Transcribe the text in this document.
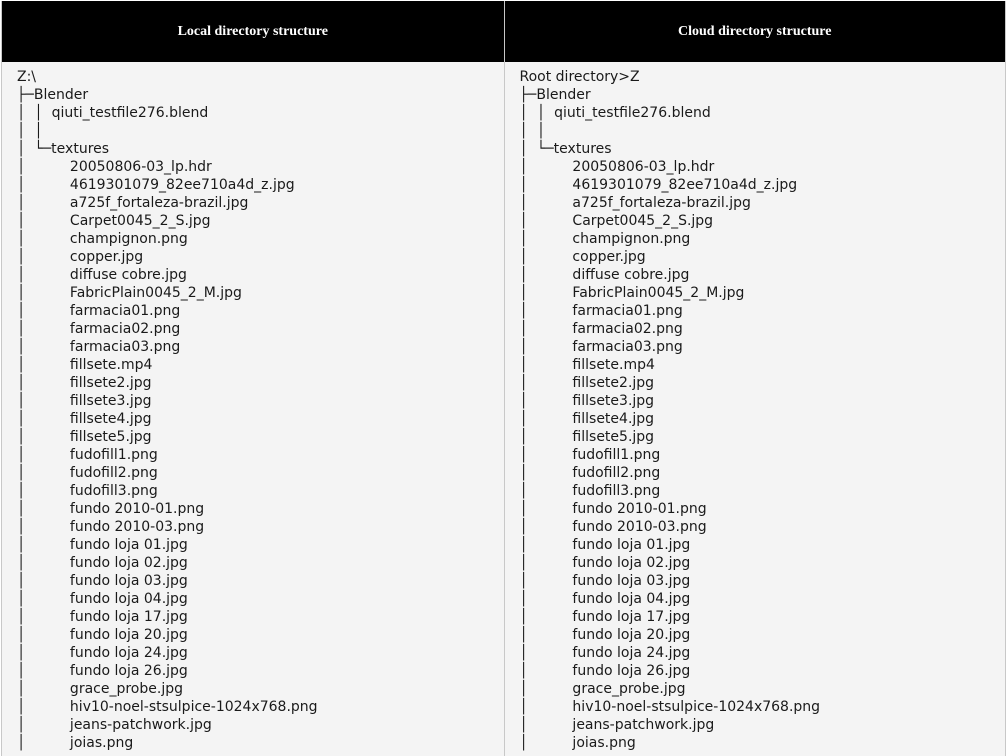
Local directory structure
Z:\
├─Blender
│  │  qiuti_testfile276.blend
│  │
│  └─textures
│          20050806-03_lp.hdr
│          4619301079_82ee710a4d_z.jpg
│          a725f_fortaleza-brazil.jpg
│          Carpet0045_2_S.jpg
│          champignon.png
│          copper.jpg
│          diffuse cobre.jpg
│          FabricPlain0045_2_M.jpg
│          farmacia01.png
│          farmacia02.png
│          farmacia03.png
│          fillsete.mp4
│          fillsete2.jpg
│          fillsete3.jpg
│          fillsete4.jpg
│          fillsete5.jpg
│          fudofill1.png
│          fudofill2.png
│          fudofill3.png
│          fundo 2010-01.png
│          fundo 2010-03.png
│          fundo loja 01.jpg
│          fundo loja 02.jpg
│          fundo loja 03.jpg
│          fundo loja 04.jpg
│          fundo loja 17.jpg
│          fundo loja 20.jpg
│          fundo loja 24.jpg
│          fundo loja 26.jpg
│          grace_probe.jpg
│          hiv10-noel-stsulpice-1024x768.png
│          jeans-patchwork.jpg
│          joias.png
Cloud directory structure
Root directory>Z
├─Blender
│  │  qiuti_testfile276.blend
│  │
│  └─textures
│          20050806-03_lp.hdr
│          4619301079_82ee710a4d_z.jpg
│          a725f_fortaleza-brazil.jpg
│          Carpet0045_2_S.jpg
│          champignon.png
│          copper.jpg
│          diffuse cobre.jpg
│          FabricPlain0045_2_M.jpg
│          farmacia01.png
│          farmacia02.png
│          farmacia03.png
│          fillsete.mp4
│          fillsete2.jpg
│          fillsete3.jpg
│          fillsete4.jpg
│          fillsete5.jpg
│          fudofill1.png
│          fudofill2.png
│          fudofill3.png
│          fundo 2010-01.png
│          fundo 2010-03.png
│          fundo loja 01.jpg
│          fundo loja 02.jpg
│          fundo loja 03.jpg
│          fundo loja 04.jpg
│          fundo loja 17.jpg
│          fundo loja 20.jpg
│          fundo loja 24.jpg
│          fundo loja 26.jpg
│          grace_probe.jpg
│          hiv10-noel-stsulpice-1024x768.png
│          jeans-patchwork.jpg
│          joias.png
